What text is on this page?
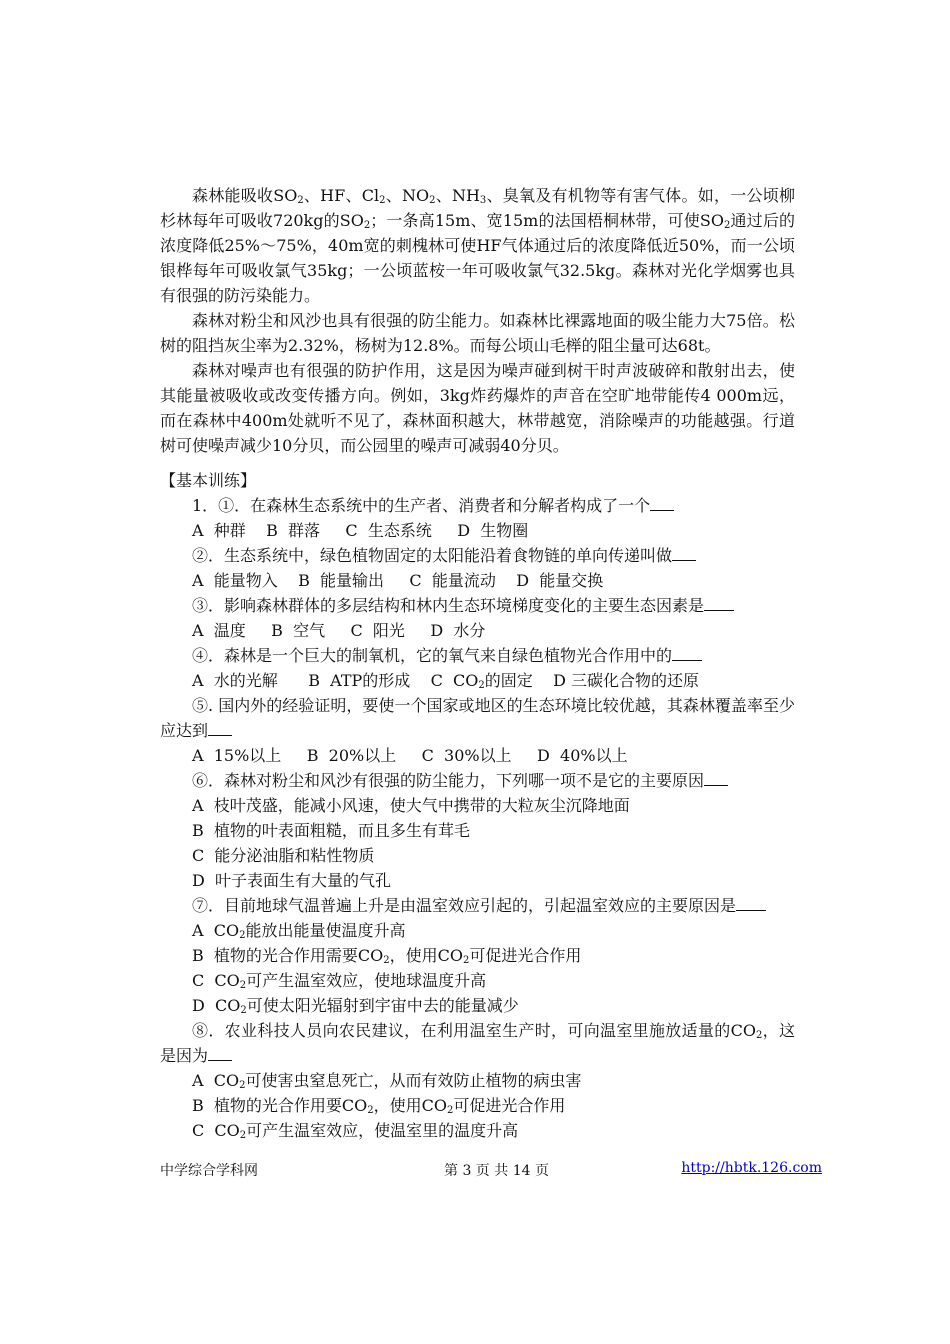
森林能吸收$SO_2$、HF、$Cl_2$、$NO_2$、$NH_3$、臭氧及有机物等有害气体。如，一公顷柳杉林每年可吸收720kg的$SO_2$；一条高15m、宽15m的法国梧桐林带，可使$SO_2$通过后的浓度降低25%～75%，40m宽的刺槐林可使HF气体通过后的浓度降低近50%，而一公顷银桦每年可吸收氯气35kg；一公顷蓝桉一年可吸收氯气32.5kg。森林对光化学烟雾也具有很强的防污染能力。

森林对粉尘和风沙也具有很强的防尘能力。如森林比裸露地面的吸尘能力大75倍。松树的阻挡灰尘率为2.32%，杨树为12.8%。而每公顷山毛榉的阻尘量可达68t。

森林对噪声也有很强的防护作用，这是因为噪声碰到树干时声波破碎和散射出去，使其能量被吸收或改变传播方向。例如，3kg炸药爆炸的声音在空旷地带能传4 000m远，而在森林中400m处就听不见了，森林面积越大，林带越宽，消除噪声的功能越强。行道树可使噪声减少10分贝，而公园里的噪声可减弱40分贝。

【基本训练】

1．①．在森林生态系统中的生产者、消费者和分解者构成了一个

A  种群    B  群落     C  生态系统     D  生物圈

②．生态系统中，绿色植物固定的太阳能沿着食物链的单向传递叫做

A  能量物入    B  能量输出     C  能量流动    D  能量交换

③．影响森林群体的多层结构和林内生态环境梯度变化的主要生态因素是

A  温度     B  空气     C  阳光     D  水分

④．森林是一个巨大的制氧机，它的氧气来自绿色植物光合作用中的

A  水的光解      B  ATP的形成    C  $CO_2$的固定    D 三碳化合物的还原

⑤. 国内外的经验证明，要使一个国家或地区的生态环境比较优越，其森林覆盖率至少应达到

A  15%以上     B  20%以上     C  30%以上     D  40%以上

⑥．森林对粉尘和风沙有很强的防尘能力，下列哪一项不是它的主要原因

A  枝叶茂盛，能减小风速，使大气中携带的大粒灰尘沉降地面

B  植物的叶表面粗糙，而且多生有茸毛

C  能分泌油脂和粘性物质

D  叶子表面生有大量的气孔

⑦．目前地球气温普遍上升是由温室效应引起的，引起温室效应的主要原因是

A  $CO_2$能放出能量使温度升高

B  植物的光合作用需要$CO_2$，使用$CO_2$可促进光合作用

C  $CO_2$可产生温室效应，使地球温度升高

D  $CO_2$可使太阳光辐射到宇宙中去的能量减少

⑧．农业科技人员向农民建议，在利用温室生产时，可向温室里施放适量的$CO_2$，这是因为

A  $CO_2$可使害虫窒息死亡，从而有效防止植物的病虫害

B  植物的光合作用要$CO_2$，使用$CO_2$可促进光合作用

C  $CO_2$可产生温室效应，使温室里的温度升高

中学综合学科网	第 3 页 共 14 页	http://hbtk.126.com
